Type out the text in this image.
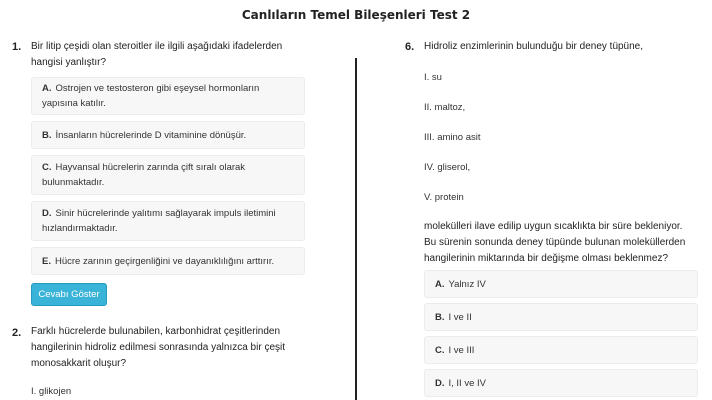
Canlıların Temel Bileşenleri Test 2
1. Bir litip çeşidi olan steroitler ile ilgili aşağıdaki ifadelerden hangisi yanlıştır?
A. Ostrojen ve testosteron gibi eşeysel hormonların yapısına katılır.
B. İnsanların hücrelerinde D vitaminine dönüşür.
C. Hayvansal hücrelerin zarında çift sıralı olarak bulunmaktadır.
D. Sinir hücrelerinde yalıtımı sağlayarak impuls iletimini hızlandırmaktadır.
E. Hücre zarının geçirgenliğini ve dayanıklılığını arttırır.
Cevabı Göster
2. Farklı hücrelerde bulunabilen, karbonhidrat çeşitlerinden hangilerinin hidroliz edilmesi sonrasında yalnızca bir çeşit monosakkarit oluşur?
I. glikojen
6. Hidroliz enzimlerinin bulunduğu bir deney tüpüne,
I. su
II. maltoz,
III. amino asit
IV. gliserol,
V. protein
molekülleri ilave edilip uygun sıcaklıkta bir süre bekleniyor. Bu sürenin sonunda deney tüpünde bulunan moleküllerden hangilerinin miktarında bir değişme olması beklenmez?
A. Yalnız IV
B. I ve II
C. I ve III
D. I, II ve IV
